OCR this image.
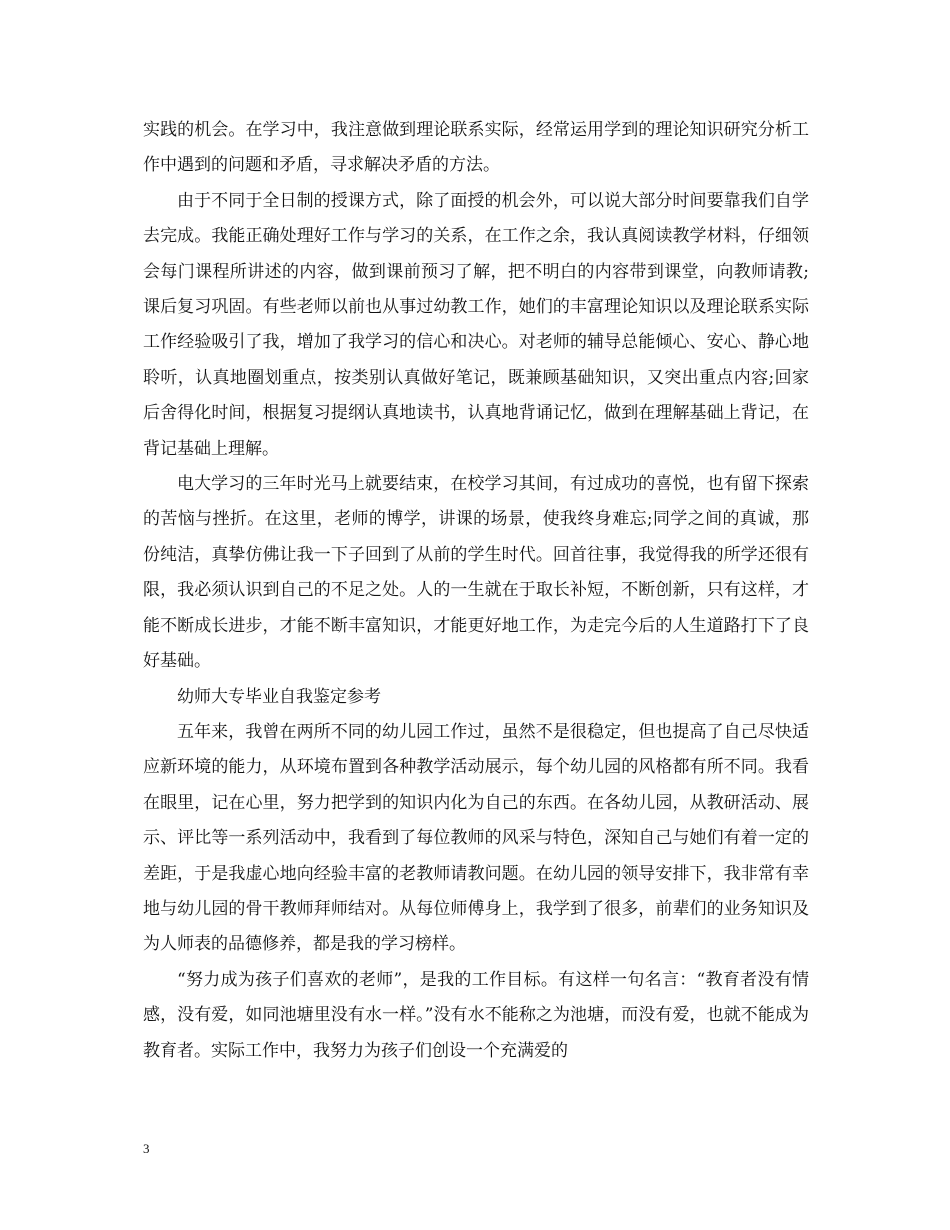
实践的机会。在学习中，我注意做到理论联系实际，经常运用学到的理论知识研究分析工作中遇到的问题和矛盾，寻求解决矛盾的方法。

由于不同于全日制的授课方式，除了面授的机会外，可以说大部分时间要靠我们自学去完成。我能正确处理好工作与学习的关系，在工作之余，我认真阅读教学材料，仔细领会每门课程所讲述的内容，做到课前预习了解，把不明白的内容带到课堂，向教师请教;课后复习巩固。有些老师以前也从事过幼教工作，她们的丰富理论知识以及理论联系实际工作经验吸引了我，增加了我学习的信心和决心。对老师的辅导总能倾心、安心、静心地聆听，认真地圈划重点，按类别认真做好笔记，既兼顾基础知识，又突出重点内容;回家后舍得化时间，根据复习提纲认真地读书，认真地背诵记忆，做到在理解基础上背记，在背记基础上理解。

电大学习的三年时光马上就要结束，在校学习其间，有过成功的喜悦，也有留下探索的苦恼与挫折。在这里，老师的博学，讲课的场景，使我终身难忘;同学之间的真诚，那份纯洁，真挚仿佛让我一下子回到了从前的学生时代。回首往事，我觉得我的所学还很有限，我必须认识到自己的不足之处。人的一生就在于取长补短，不断创新，只有这样，才能不断成长进步，才能不断丰富知识，才能更好地工作，为走完今后的人生道路打下了良好基础。

幼师大专毕业自我鉴定参考

五年来，我曾在两所不同的幼儿园工作过，虽然不是很稳定，但也提高了自己尽快适应新环境的能力，从环境布置到各种教学活动展示，每个幼儿园的风格都有所不同。我看在眼里，记在心里，努力把学到的知识内化为自己的东西。在各幼儿园，从教研活动、展示、评比等一系列活动中，我看到了每位教师的风采与特色，深知自己与她们有着一定的差距，于是我虚心地向经验丰富的老教师请教问题。在幼儿园的领导安排下，我非常有幸地与幼儿园的骨干教师拜师结对。从每位师傅身上，我学到了很多，前辈们的业务知识及为人师表的品德修养，都是我的学习榜样。

“努力成为孩子们喜欢的老师”，是我的工作目标。有这样一句名言：“教育者没有情感，没有爱，如同池塘里没有水一样。”没有水不能称之为池塘，而没有爱，也就不能成为教育者。实际工作中，我努力为孩子们创设一个充满爱的

3
